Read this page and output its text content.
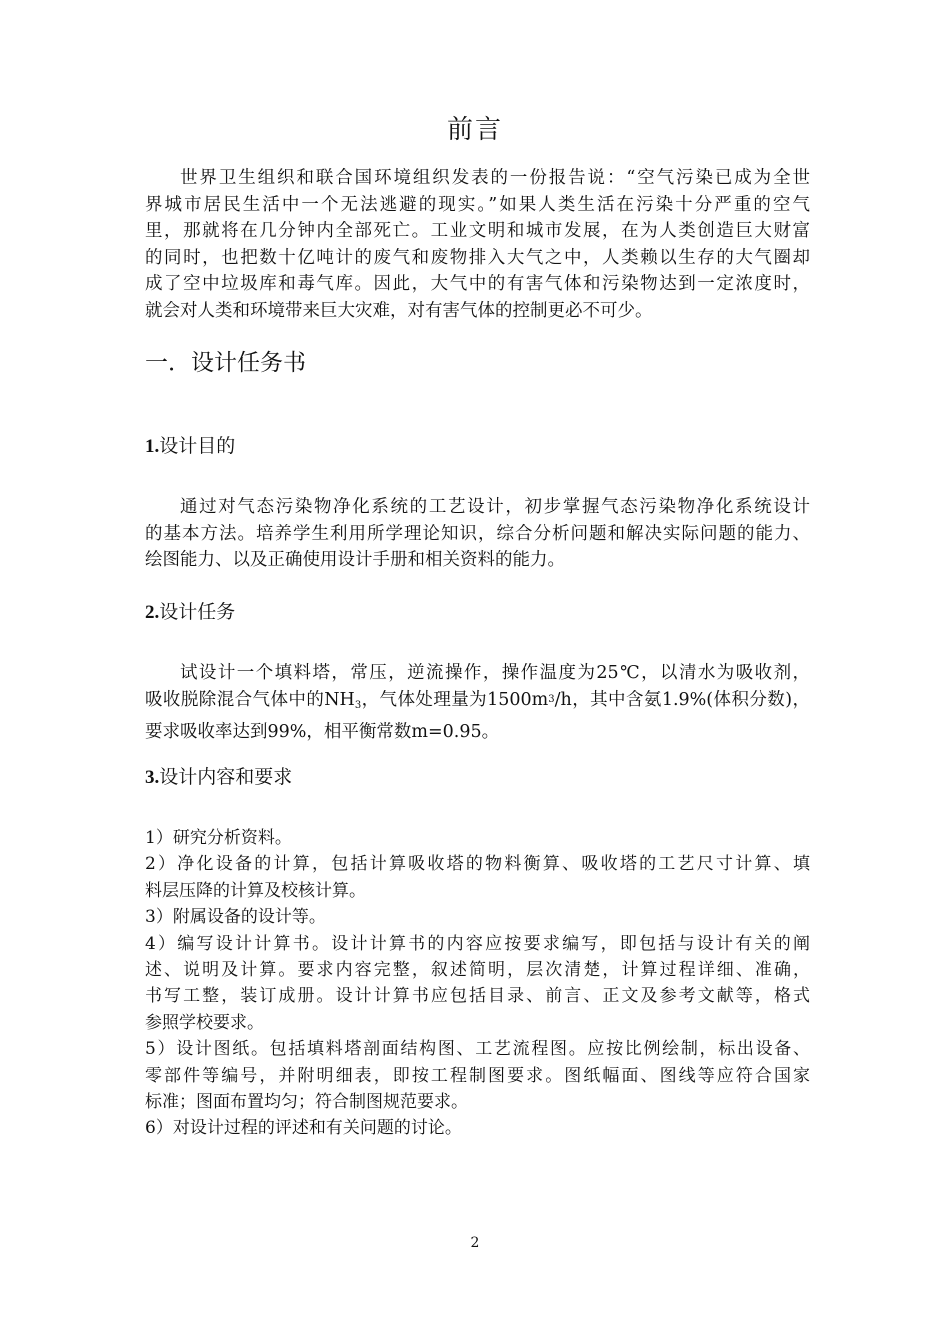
前言
世界卫生组织和联合国环境组织发表的一份报告说：“空气污染已成为全世
界城市居民生活中一个无法逃避的现实。”如果人类生活在污染十分严重的空气
里，那就将在几分钟内全部死亡。工业文明和城市发展，在为人类创造巨大财富
的同时，也把数十亿吨计的废气和废物排入大气之中，人类赖以生存的大气圈却
成了空中垃圾库和毒气库。因此，大气中的有害气体和污染物达到一定浓度时，
就会对人类和环境带来巨大灾难，对有害气体的控制更必不可少。
一．设计任务书
1.设计目的
通过对气态污染物净化系统的工艺设计，初步掌握气态污染物净化系统设计
的基本方法。培养学生利用所学理论知识，综合分析问题和解决实际问题的能力、
绘图能力、以及正确使用设计手册和相关资料的能力。
2.设计任务
试设计一个填料塔，常压，逆流操作，操作温度为25℃，以清水为吸收剂，
吸收脱除混合气体中的$NH_3$，气体处理量为$1500m^3/h$，其中含氨1.9%(体积分数)，
要求吸收率达到99%，相平衡常数m=0.95。
3.设计内容和要求
1）研究分析资料。
2）净化设备的计算，包括计算吸收塔的物料衡算、吸收塔的工艺尺寸计算、填
料层压降的计算及校核计算。
3）附属设备的设计等。
4）编写设计计算书。设计计算书的内容应按要求编写，即包括与设计有关的阐
述、说明及计算。要求内容完整，叙述简明，层次清楚，计算过程详细、准确，
书写工整，装订成册。设计计算书应包括目录、前言、正文及参考文献等，格式
参照学校要求。
5）设计图纸。包括填料塔剖面结构图、工艺流程图。应按比例绘制，标出设备、
零部件等编号，并附明细表，即按工程制图要求。图纸幅面、图线等应符合国家
标准；图面布置均匀；符合制图规范要求。
6）对设计过程的评述和有关问题的讨论。
2
